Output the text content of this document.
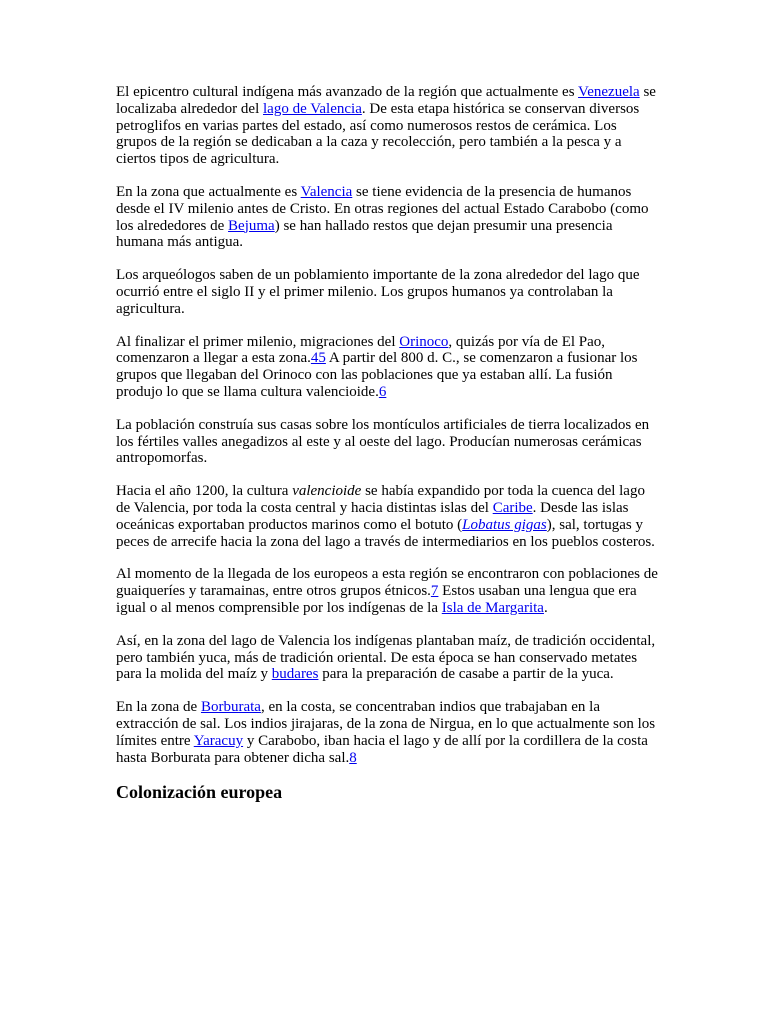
El epicentro cultural indígena más avanzado de la región que actualmente es Venezuela se localizaba alrededor del lago de Valencia. De esta etapa histórica se conservan diversos petroglifos en varias partes del estado, así como numerosos restos de cerámica. Los grupos de la región se dedicaban a la caza y recolección, pero también a la pesca y a ciertos tipos de agricultura.

En la zona que actualmente es Valencia se tiene evidencia de la presencia de humanos desde el IV milenio antes de Cristo. En otras regiones del actual Estado Carabobo (como los alrededores de Bejuma) se han hallado restos que dejan presumir una presencia humana más antigua.

Los arqueólogos saben de un poblamiento importante de la zona alrededor del lago que ocurrió entre el siglo II y el primer milenio. Los grupos humanos ya controlaban la agricultura.

Al finalizar el primer milenio, migraciones del Orinoco, quizás por vía de El Pao, comenzaron a llegar a esta zona.45 A partir del 800 d. C., se comenzaron a fusionar los grupos que llegaban del Orinoco con las poblaciones que ya estaban allí. La fusión produjo lo que se llama cultura valencioide.6

La población construía sus casas sobre los montículos artificiales de tierra localizados en los fértiles valles anegadizos al este y al oeste del lago. Producían numerosas cerámicas antropomorfas.

Hacia el año 1200, la cultura valencioide se había expandido por toda la cuenca del lago de Valencia, por toda la costa central y hacia distintas islas del Caribe. Desde las islas oceánicas exportaban productos marinos como el botuto (Lobatus gigas), sal, tortugas y peces de arrecife hacia la zona del lago a través de intermediarios en los pueblos costeros.

Al momento de la llegada de los europeos a esta región se encontraron con poblaciones de guaiqueríes y taramainas, entre otros grupos étnicos.7 Estos usaban una lengua que era igual o al menos comprensible por los indígenas de la Isla de Margarita.

Así, en la zona del lago de Valencia los indígenas plantaban maíz, de tradición occidental, pero también yuca, más de tradición oriental. De esta época se han conservado metates para la molida del maíz y budares para la preparación de casabe a partir de la yuca.

En la zona de Borburata, en la costa, se concentraban indios que trabajaban en la extracción de sal. Los indios jirajaras, de la zona de Nirgua, en lo que actualmente son los límites entre Yaracuy y Carabobo, iban hacia el lago y de allí por la cordillera de la costa hasta Borburata para obtener dicha sal.8

Colonización europea
